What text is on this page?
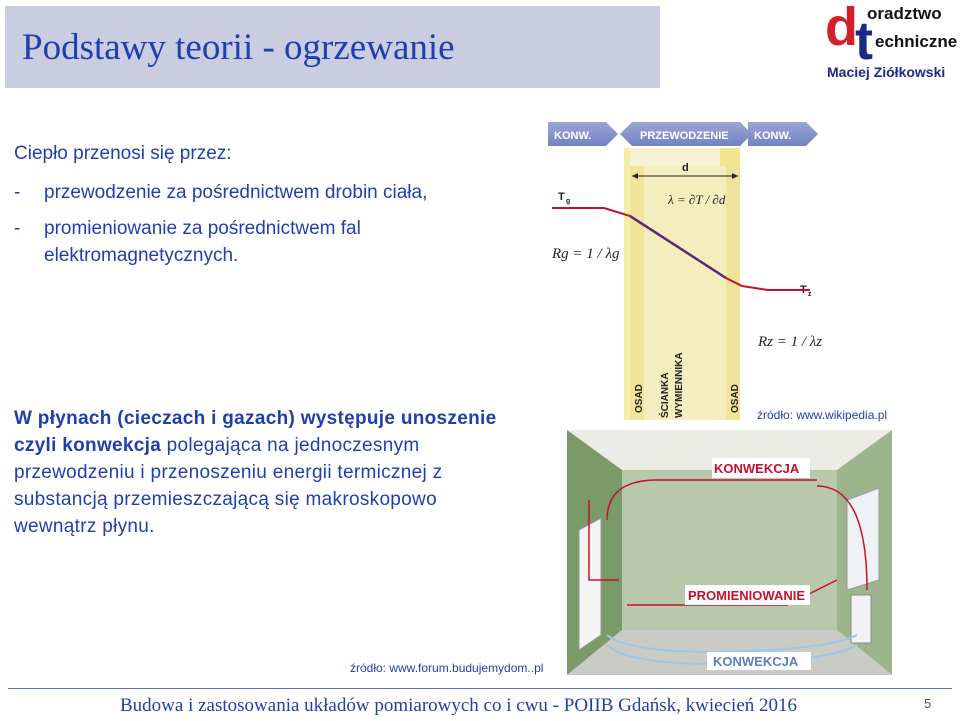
Podstawy teorii - ogrzewanie	d
t
oradztwo
echniczne
Maciej Ziółkowski
Ciepło przenosi się przez:
- przewodzenie za pośrednictwem drobin ciała,
- promieniowanie za pośrednictwem fal elektromagnetycznych.
W płynach (cieczach i gazach) występuje unoszenie czyli konwekcja polegająca na jednoczesnym przewodzeniu i przenoszeniu energii termicznej z substancją przemieszczającą się makroskopowo wewnątrz płynu.
KONW.	PRZEWODZENIE KONW.
d
T g
T z
λ = ∂T / ∂d
Rg = 1 / λg
Rz = 1 / λz
OSAD ŚCIANKA WYMIENNIKA	OSAD
źródło: www.wikipedia.pl
KONWEKCJA
PROMIENIOWANIE
KONWEKCJA
źródło: www.forum.budujemydom..pl
Budowa i zastosowania układów pomiarowych co i cwu - POIIB Gdańsk, kwiecień 2016	5
